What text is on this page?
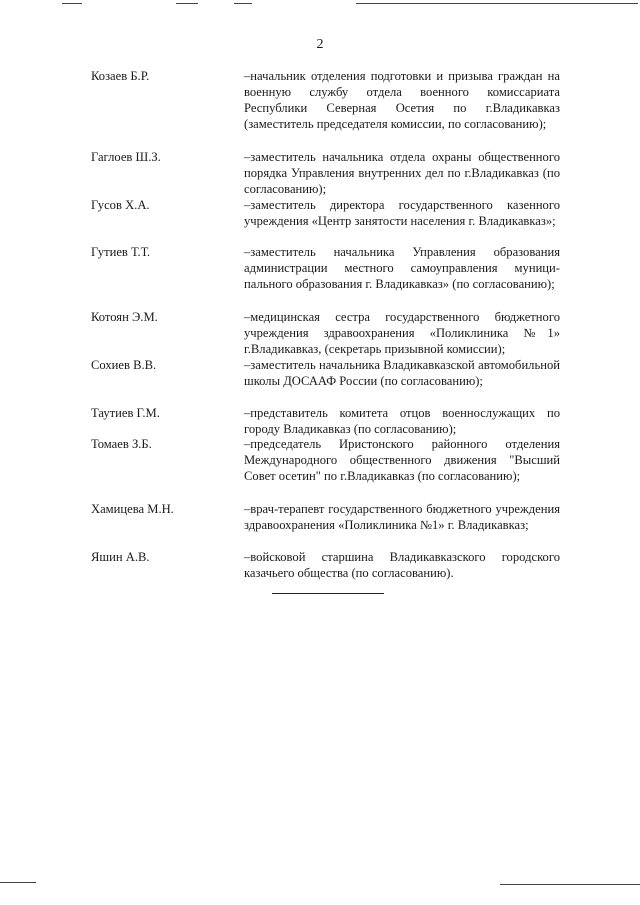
2
Козаев Б.Р.	–начальник отделения подготовки и призыва граждан на военную службу отдела военного комиссариата Республики Северная Осетия по г.Владикавказ (заместитель председателя комиссии, по согласованию);
Гаглоев Ш.З.	–заместитель начальника отдела охраны общественного порядка Управления внутренних дел по г.Владикавказ (по согласованию);
Гусов Х.А.	–заместитель директора государственного казенного учреждения «Центр занятости населения г. Владикавказ»;
Гутиев Т.Т.	–заместитель начальника Управления образования администрации местного самоуправления муниципального образования г. Владикавказ» (по согласованию);
Котоян Э.М.	–медицинская сестра государственного бюджетного учреждения здравоохранения «Поликлиника №1» г.Владикавказ, (секретарь призывной комиссии);
Сохиев В.В.	–заместитель начальника Владикавказской автомобильной школы ДОСААФ России (по согласованию);
Таутиев Г.М.	–представитель комитета отцов военнослужащих по городу Владикавказ (по согласованию);
Томаев З.Б.	–председатель Иристонского районного отделения Международного общественного движения "Высший Совет осетин" по г.Владикавказ (по согласованию);
Хамицева М.Н.	–врач-терапевт государственного бюджетного учреждения здравоохранения «Поликлиника №1» г. Владикавказ;
Яшин А.В.	–войсковой старшина Владикавказского городского казачьего общества (по согласованию).
